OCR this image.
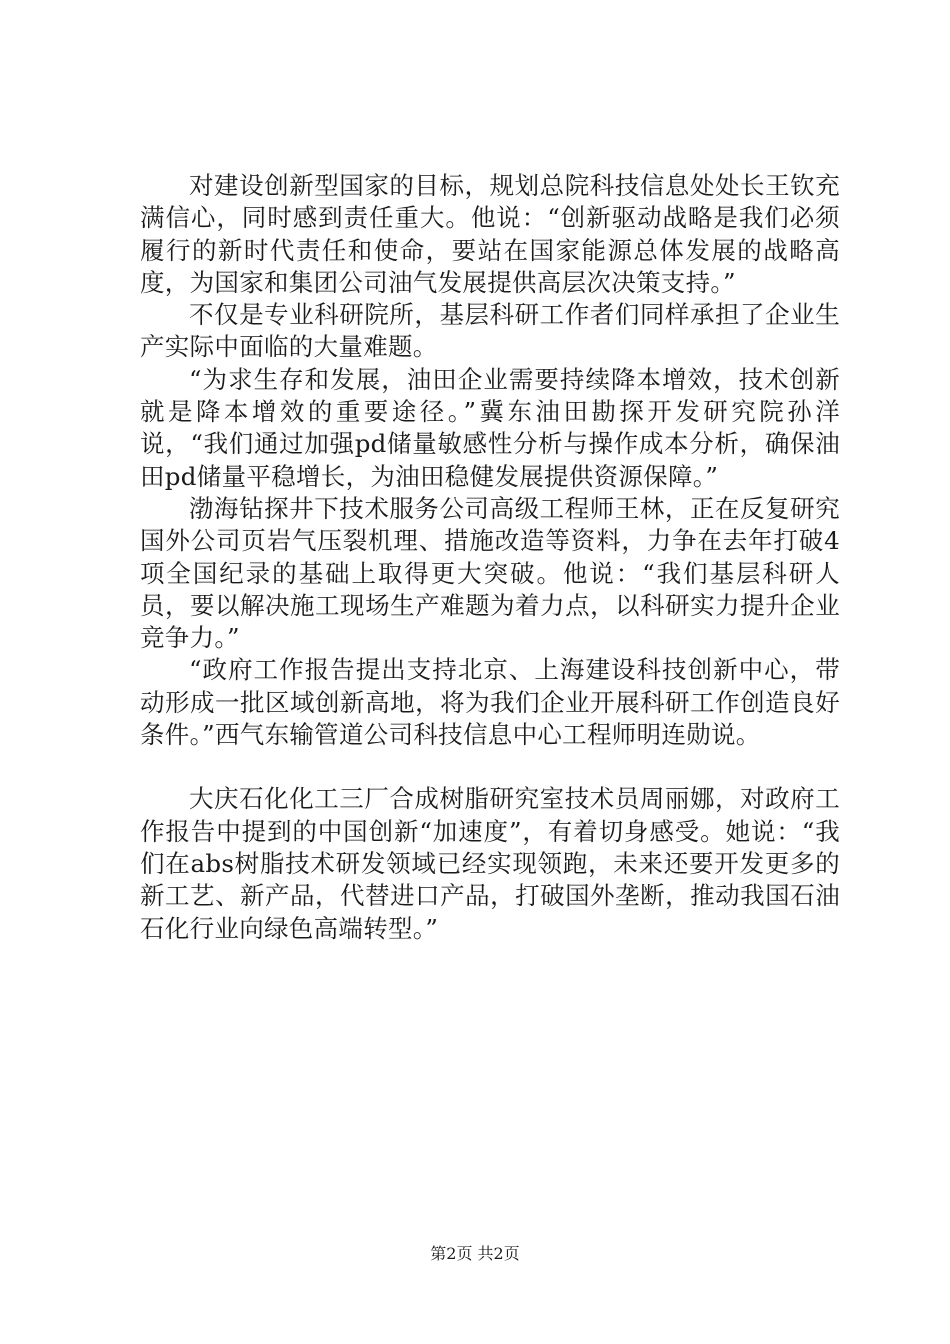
对建设创新型国家的目标，规划总院科技信息处处长王钦充满信心，同时感到责任重大。他说：“创新驱动战略是我们必须履行的新时代责任和使命，要站在国家能源总体发展的战略高度，为国家和集团公司油气发展提供高层次决策支持。”

不仅是专业科研院所，基层科研工作者们同样承担了企业生产实际中面临的大量难题。

“为求生存和发展，油田企业需要持续降本增效，技术创新就是降本增效的重要途径。”冀东油田勘探开发研究院孙洋说，“我们通过加强pd储量敏感性分析与操作成本分析，确保油田pd储量平稳增长，为油田稳健发展提供资源保障。”

渤海钻探井下技术服务公司高级工程师王林，正在反复研究国外公司页岩气压裂机理、措施改造等资料，力争在去年打破4项全国纪录的基础上取得更大突破。他说：“我们基层科研人员，要以解决施工现场生产难题为着力点，以科研实力提升企业竞争力。”

“政府工作报告提出支持北京、上海建设科技创新中心，带动形成一批区域创新高地，将为我们企业开展科研工作创造良好条件。”西气东输管道公司科技信息中心工程师明连勋说。

大庆石化化工三厂合成树脂研究室技术员周丽娜，对政府工作报告中提到的中国创新“加速度”，有着切身感受。她说：“我们在abs树脂技术研发领域已经实现领跑，未来还要开发更多的新工艺、新产品，代替进口产品，打破国外垄断，推动我国石油石化行业向绿色高端转型。”

第2页 共2页
